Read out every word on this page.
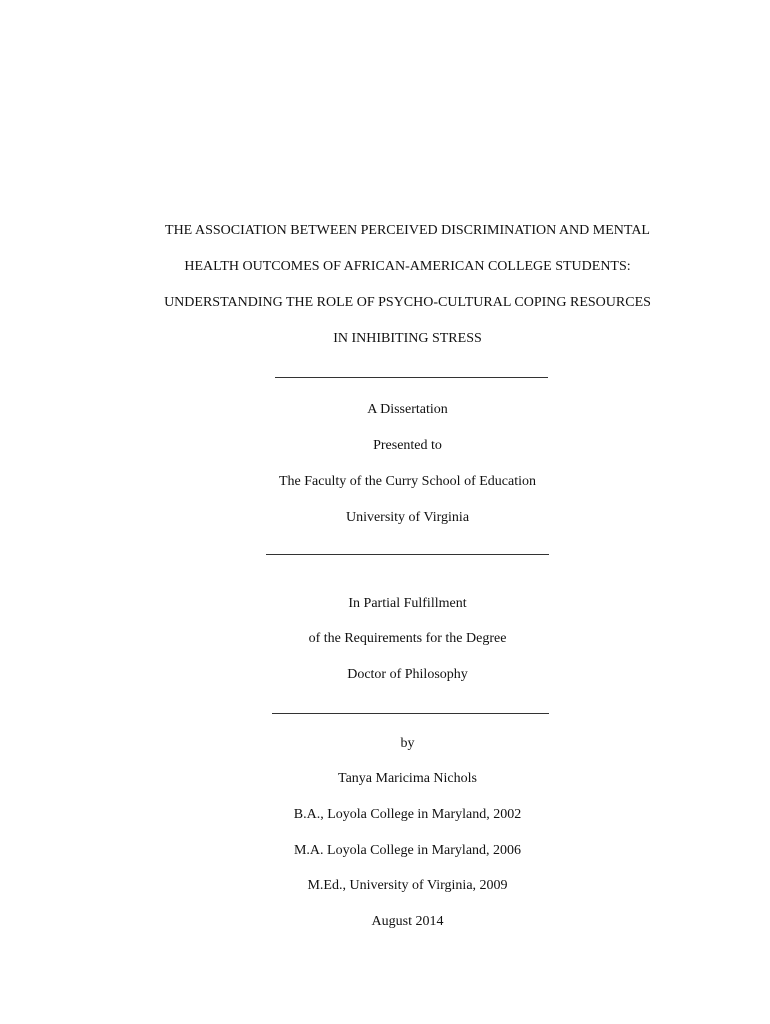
THE ASSOCIATION BETWEEN PERCEIVED DISCRIMINATION AND MENTAL
HEALTH OUTCOMES OF AFRICAN-AMERICAN COLLEGE STUDENTS:
UNDERSTANDING THE ROLE OF PSYCHO-CULTURAL COPING RESOURCES
IN INHIBITING STRESS
A Dissertation
Presented to
The Faculty of the Curry School of Education
University of Virginia
In Partial Fulfillment
of the Requirements for the Degree
Doctor of Philosophy
by
Tanya Maricima Nichols
B.A., Loyola College in Maryland, 2002
M.A. Loyola College in Maryland, 2006
M.Ed., University of Virginia, 2009
August 2014
